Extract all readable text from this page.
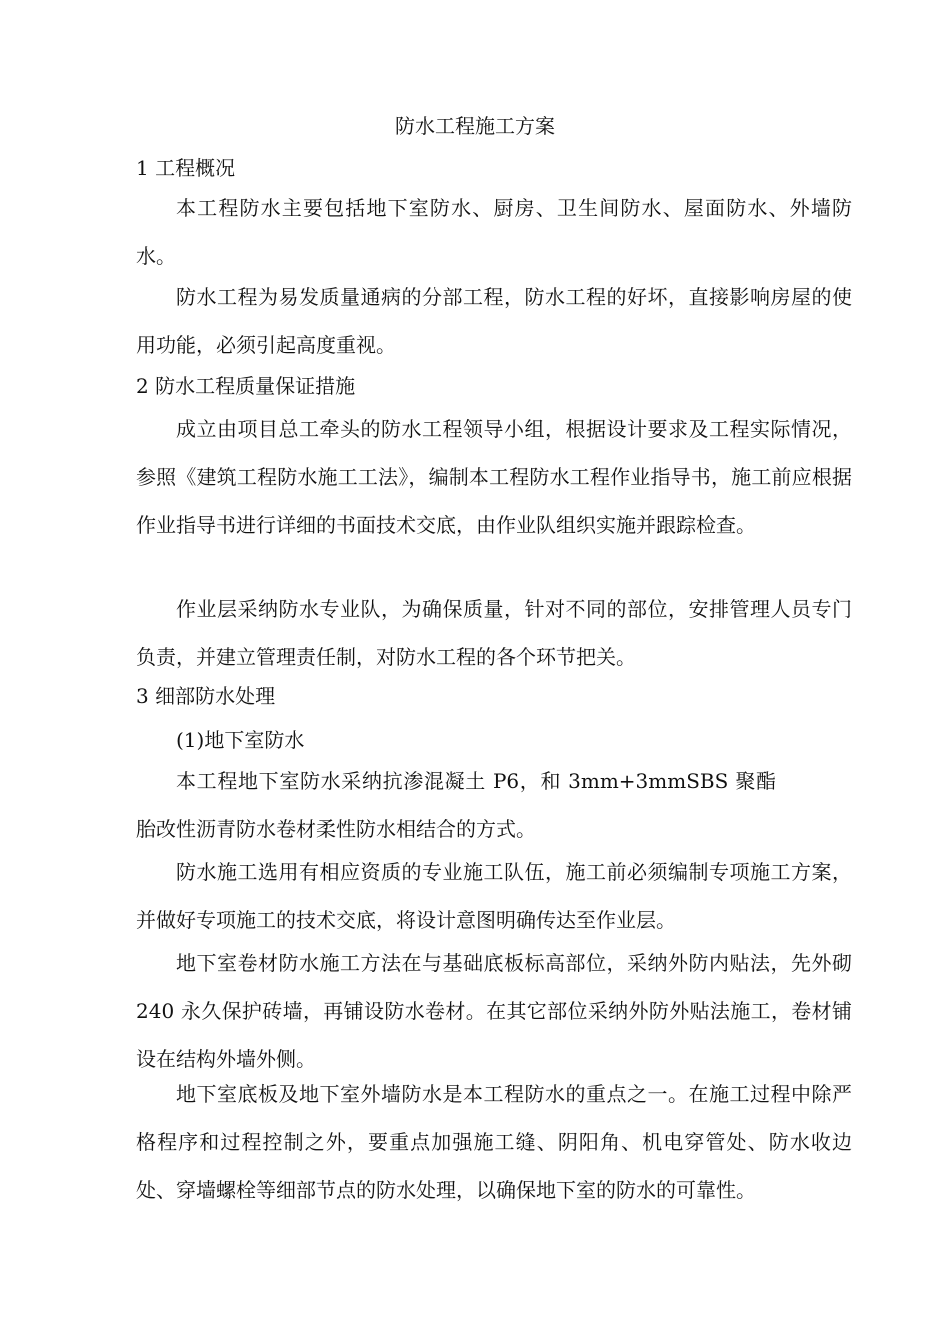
防水工程施工方案
1 工程概况
本工程防水主要包括地下室防水、厨房、卫生间防水、屋面防水、外墙防水。
防水工程为易发质量通病的分部工程，防水工程的好坏，直接影响房屋的使用功能，必须引起高度重视。
2 防水工程质量保证措施
成立由项目总工牵头的防水工程领导小组，根据设计要求及工程实际情况，参照《建筑工程防水施工工法》，编制本工程防水工程作业指导书，施工前应根据作业指导书进行详细的书面技术交底，由作业队组织实施并跟踪检查。
作业层采纳防水专业队，为确保质量，针对不同的部位，安排管理人员专门负责，并建立管理责任制，对防水工程的各个环节把关。
3 细部防水处理
(1)地下室防水
本工程地下室防水采纳抗渗混凝土 P6，和 3mm+3mmSBS 聚酯胎改性沥青防水卷材柔性防水相结合的方式。
防水施工选用有相应资质的专业施工队伍，施工前必须编制专项施工方案，并做好专项施工的技术交底，将设计意图明确传达至作业层。
地下室卷材防水施工方法在与基础底板标高部位，采纳外防内贴法，先外砌 240 永久保护砖墙，再铺设防水卷材。在其它部位采纳外防外贴法施工，卷材铺设在结构外墙外侧。
地下室底板及地下室外墙防水是本工程防水的重点之一。在施工过程中除严格程序和过程控制之外，要重点加强施工缝、阴阳角、机电穿管处、防水收边处、穿墙螺栓等细部节点的防水处理，以确保地下室的防水的可靠性。
